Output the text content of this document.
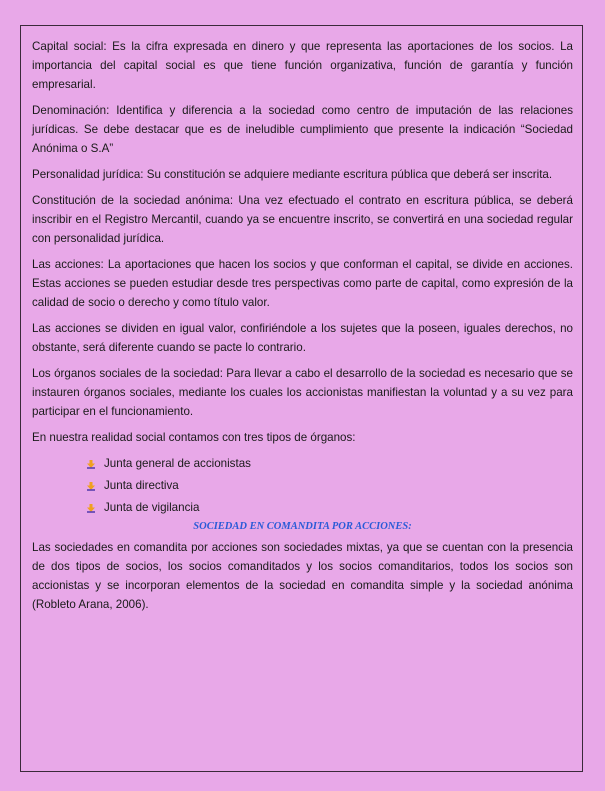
Capital social: Es la cifra expresada en dinero y que representa las aportaciones de los socios. La importancia del capital social es que tiene función organizativa, función de garantía y función empresarial.

Denominación: Identifica y diferencia a la sociedad como centro de imputación de las relaciones jurídicas. Se debe destacar que es de ineludible cumplimiento que presente la indicación “Sociedad Anónima o S.A”

Personalidad jurídica: Su constitución se adquiere mediante escritura pública que deberá ser inscrita.

Constitución de la sociedad anónima: Una vez efectuado el contrato en escritura pública, se deberá inscribir en el Registro Mercantil, cuando ya se encuentre inscrito, se convertirá en una sociedad regular con personalidad jurídica.

Las acciones: La aportaciones que hacen los socios y que conforman el capital, se divide en acciones. Estas acciones se pueden estudiar desde tres perspectivas como parte de capital, como expresión de la calidad de socio o derecho y como título valor.

Las acciones se dividen en igual valor, confiriéndole a los sujetes que la poseen, iguales derechos, no obstante, será diferente cuando se pacte lo contrario.

Los órganos sociales de la sociedad: Para llevar a cabo el desarrollo de la sociedad es necesario que se instauren órganos sociales, mediante los cuales los accionistas manifiestan la voluntad y a su vez para participar en el funcionamiento.

En nuestra realidad social contamos con tres tipos de órganos:

Junta general de accionistas
Junta directiva
Junta de vigilancia
SOCIEDAD EN COMANDITA POR ACCIONES:

Las sociedades en comandita por acciones son sociedades mixtas, ya que se cuentan con la presencia de dos tipos de socios, los socios comanditados y los socios comanditarios, todos los socios son accionistas y se incorporan elementos de la sociedad en comandita simple y la sociedad anónima (Robleto Arana, 2006).
